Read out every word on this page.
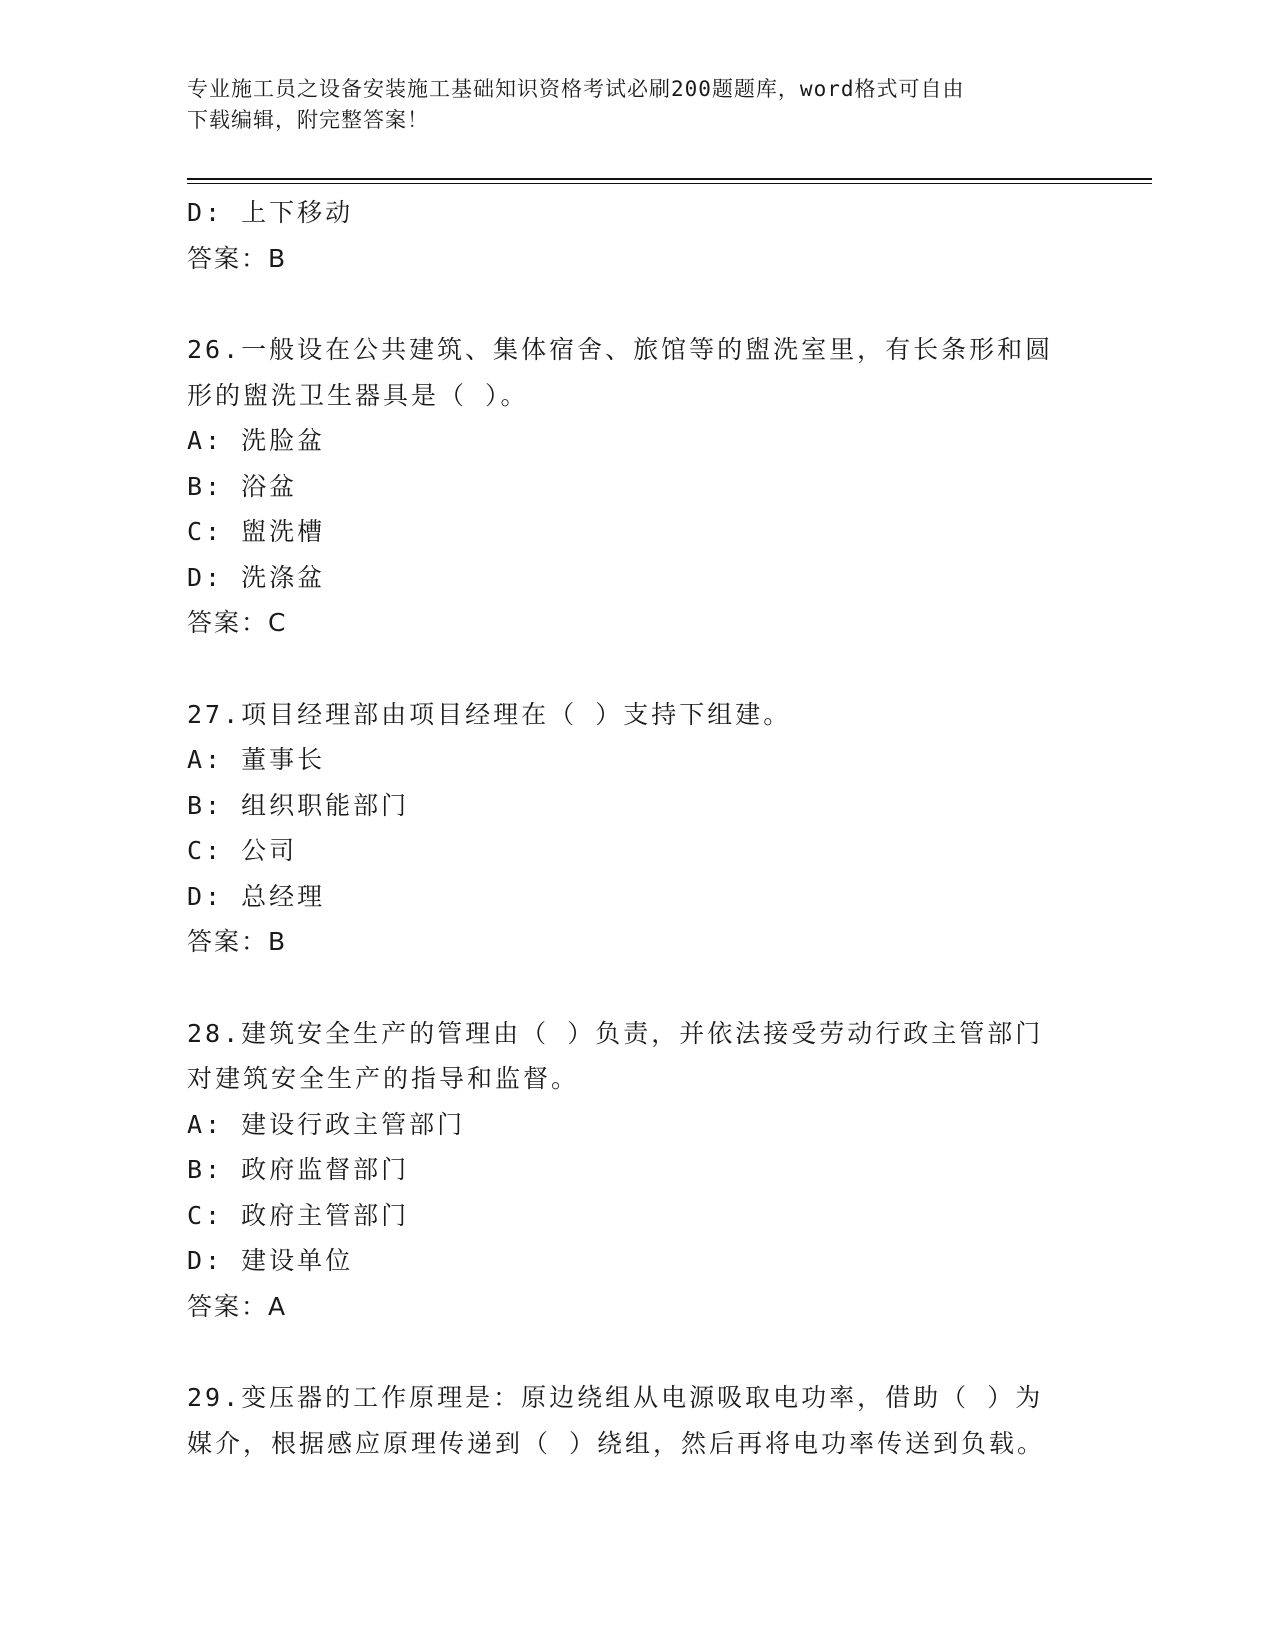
专业施工员之设备安装施工基础知识资格考试必刷200题题库，word格式可自由
下载编辑，附完整答案！
D: 上下移动
答案：B
26.一般设在公共建筑、集体宿舍、旅馆等的盥洗室里，有长条形和圆
形的盥洗卫生器具是（ ）。
A: 洗脸盆
B: 浴盆
C: 盥洗槽
D: 洗涤盆
答案：C
27.项目经理部由项目经理在（ ）支持下组建。
A: 董事长
B: 组织职能部门
C: 公司
D: 总经理
答案：B
28.建筑安全生产的管理由（ ）负责，并依法接受劳动行政主管部门
对建筑安全生产的指导和监督。
A: 建设行政主管部门
B: 政府监督部门
C: 政府主管部门
D: 建设单位
答案：A
29.变压器的工作原理是：原边绕组从电源吸取电功率，借助（ ）为
媒介，根据感应原理传递到（ ）绕组，然后再将电功率传送到负载。
